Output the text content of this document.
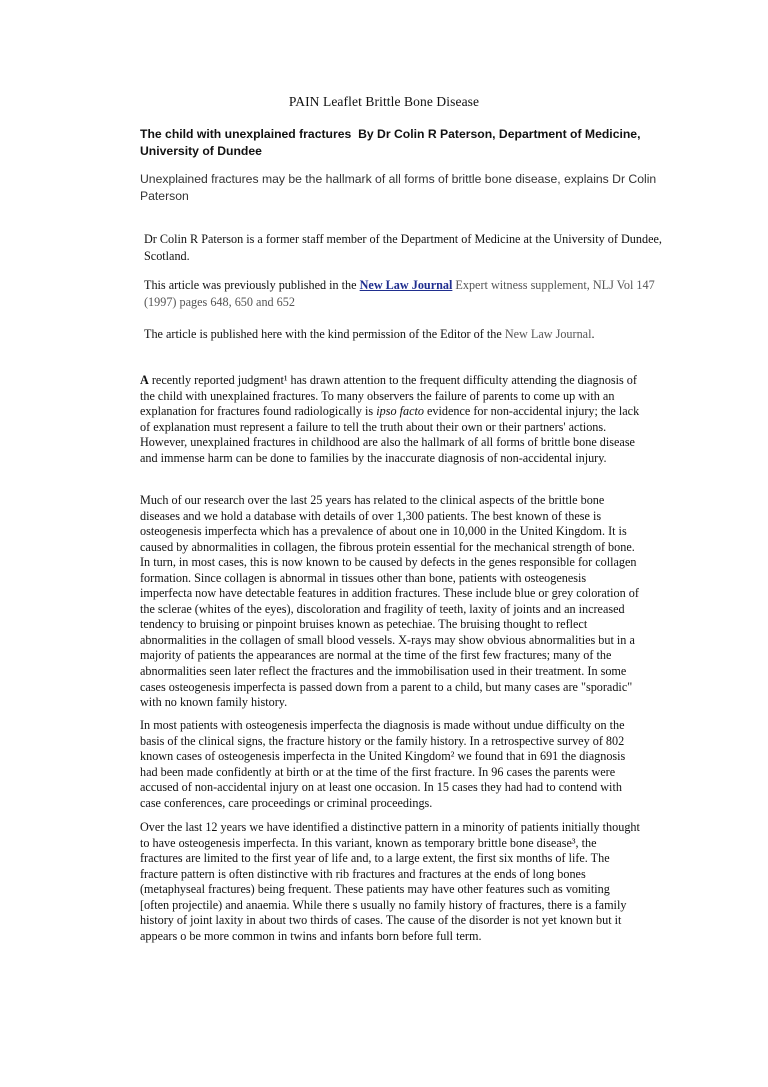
PAIN Leaflet Brittle Bone Disease
The child with unexplained fractures By Dr Colin R Paterson, Department of Medicine, University of Dundee
Unexplained fractures may be the hallmark of all forms of brittle bone disease, explains Dr Colin Paterson
Dr Colin R Paterson is a former staff member of the Department of Medicine at the University of Dundee, Scotland.
This article was previously published in the New Law Journal Expert witness supplement, NLJ Vol 147 (1997) pages 648, 650 and 652
The article is published here with the kind permission of the Editor of the New Law Journal.

A recently reported judgment¹ has drawn attention to the frequent difficulty attending the diagnosis of the child with unexplained fractures. To many observers the failure of parents to come up with an explanation for fractures found radiologically is ipso facto evidence for non-accidental injury; the lack of explanation must represent a failure to tell the truth about their own or their partners' actions. However, unexplained fractures in childhood are also the hallmark of all forms of brittle bone disease and immense harm can be done to families by the inaccurate diagnosis of non-accidental injury.

Much of our research over the last 25 years has related to the clinical aspects of the brittle bone diseases and we hold a database with details of over 1,300 patients. The best known of these is osteogenesis imperfecta which has a prevalence of about one in 10,000 in the United Kingdom. It is caused by abnormalities in collagen, the fibrous protein essential for the mechanical strength of bone. In turn, in most cases, this is now known to be caused by defects in the genes responsible for collagen formation. Since collagen is abnormal in tissues other than bone, patients with osteogenesis imperfecta now have detectable features in addition fractures. These include blue or grey coloration of the sclerae (whites of the eyes), discoloration and fragility of teeth, laxity of joints and an increased tendency to bruising or pinpoint bruises known as petechiae. The bruising thought to reflect abnormalities in the collagen of small blood vessels. X-rays may show obvious abnormalities but in a majority of patients the appearances are normal at the time of the first few fractures; many of the abnormalities seen later reflect the fractures and the immobilisation used in their treatment. In some cases osteogenesis imperfecta is passed down from a parent to a child, but many cases are "sporadic" with no known family history.

In most patients with osteogenesis imperfecta the diagnosis is made without undue difficulty on the basis of the clinical signs, the fracture history or the family history. In a retrospective survey of 802 known cases of osteogenesis imperfecta in the United Kingdom² we found that in 691 the diagnosis had been made confidently at birth or at the time of the first fracture. In 96 cases the parents were accused of non-accidental injury on at least one occasion. In 15 cases they had had to contend with case conferences, care proceedings or criminal proceedings.

Over the last 12 years we have identified a distinctive pattern in a minority of patients initially thought to have osteogenesis imperfecta. In this variant, known as temporary brittle bone disease³, the fractures are limited to the first year of life and, to a large extent, the first six months of life. The fracture pattern is often distinctive with rib fractures and fractures at the ends of long bones (metaphyseal fractures) being frequent. These patients may have other features such as vomiting [often projectile) and anaemia. While there s usually no family history of fractures, there is a family history of joint laxity in about two thirds of cases. The cause of the disorder is not yet known but it appears o be more common in twins and infants born before full term.
